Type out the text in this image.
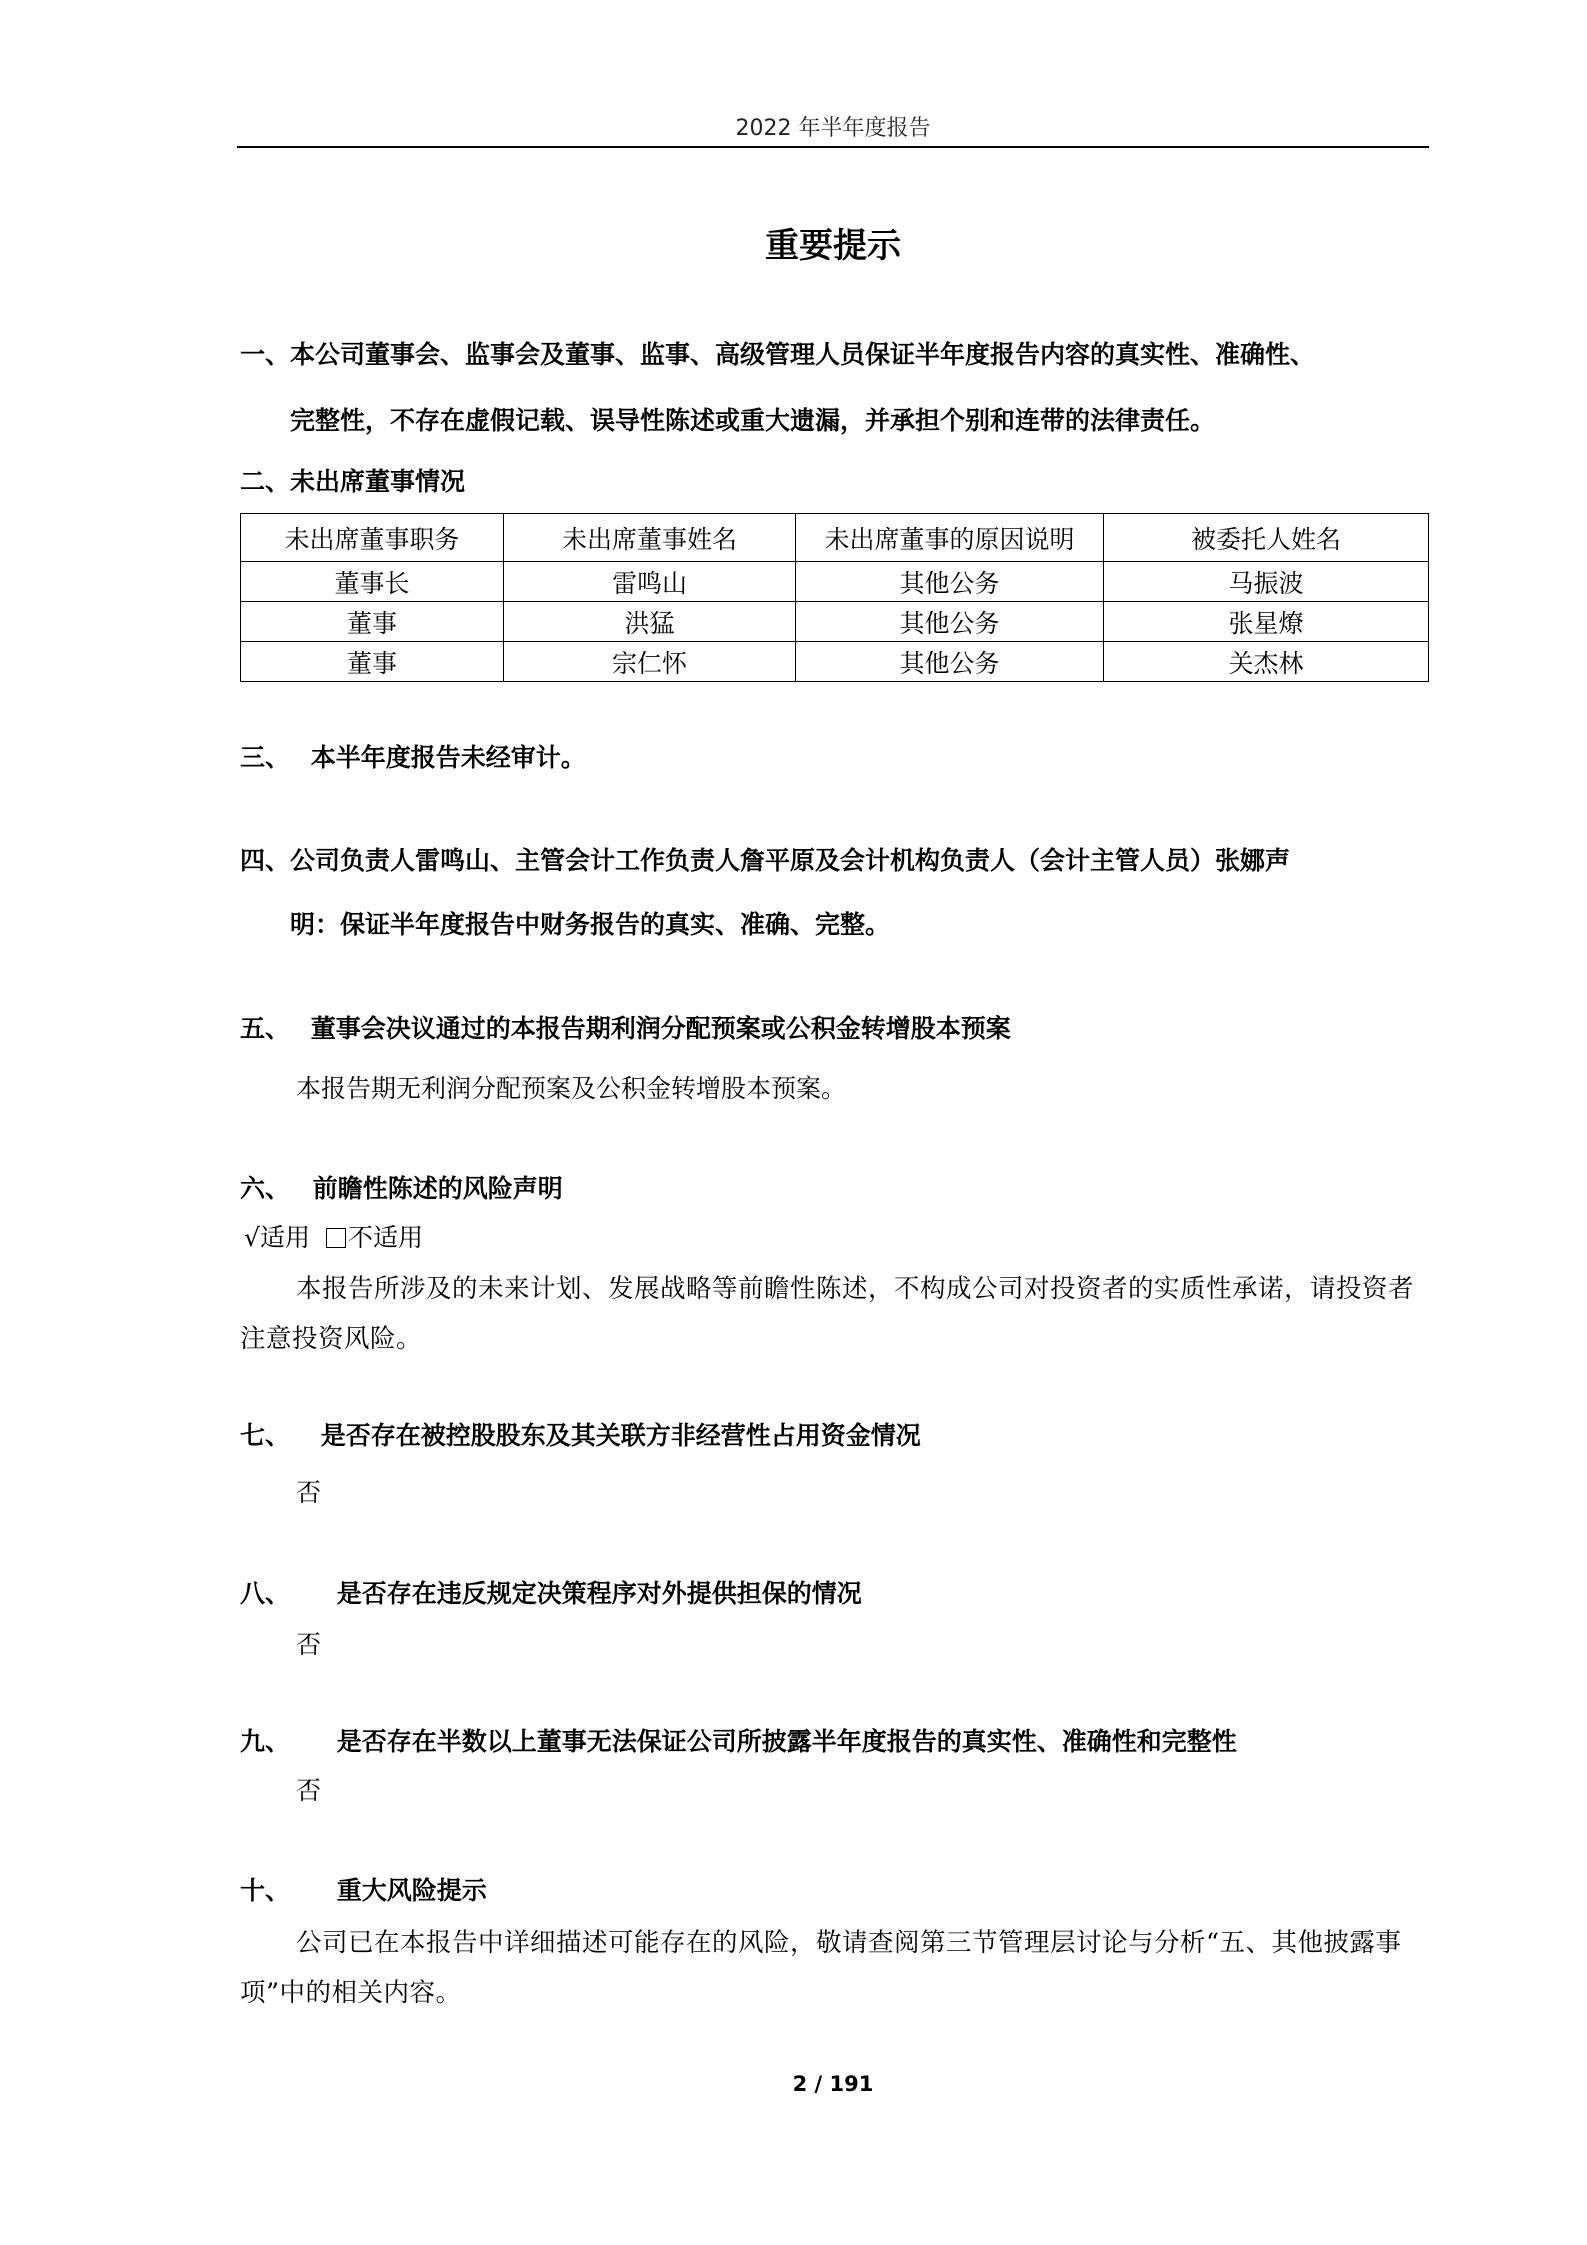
2022 年半年度报告
重要提示
一、本公司董事会、监事会及董事、监事、高级管理人员保证半年度报告内容的真实性、准确性、
完整性，不存在虚假记载、误导性陈述或重大遗漏，并承担个别和连带的法律责任。
二、未出席董事情况
未出席董事职务	未出席董事姓名	未出席董事的原因说明	被委托人姓名
董事长	雷鸣山	其他公务	马振波
董事	洪猛	其他公务	张星燎
董事	宗仁怀	其他公务	关杰林
三、 本半年度报告未经审计。
四、公司负责人雷鸣山、主管会计工作负责人詹平原及会计机构负责人（会计主管人员）张娜声
明：保证半年度报告中财务报告的真实、准确、完整。
五、 董事会决议通过的本报告期利润分配预案或公积金转增股本预案
本报告期无利润分配预案及公积金转增股本预案。
六、 前瞻性陈述的风险声明
√适用 不适用
本报告所涉及的未来计划、发展战略等前瞻性陈述，不构成公司对投资者的实质性承诺，请投资者注意投资风险。
七、 是否存在被控股股东及其关联方非经营性占用资金情况
否
八、 是否存在违反规定决策程序对外提供担保的情况
否
九、 是否存在半数以上董事无法保证公司所披露半年度报告的真实性、准确性和完整性
否
十、 重大风险提示
公司已在本报告中详细描述可能存在的风险，敬请查阅第三节管理层讨论与分析“五、其他披露事项”中的相关内容。
2 / 191
